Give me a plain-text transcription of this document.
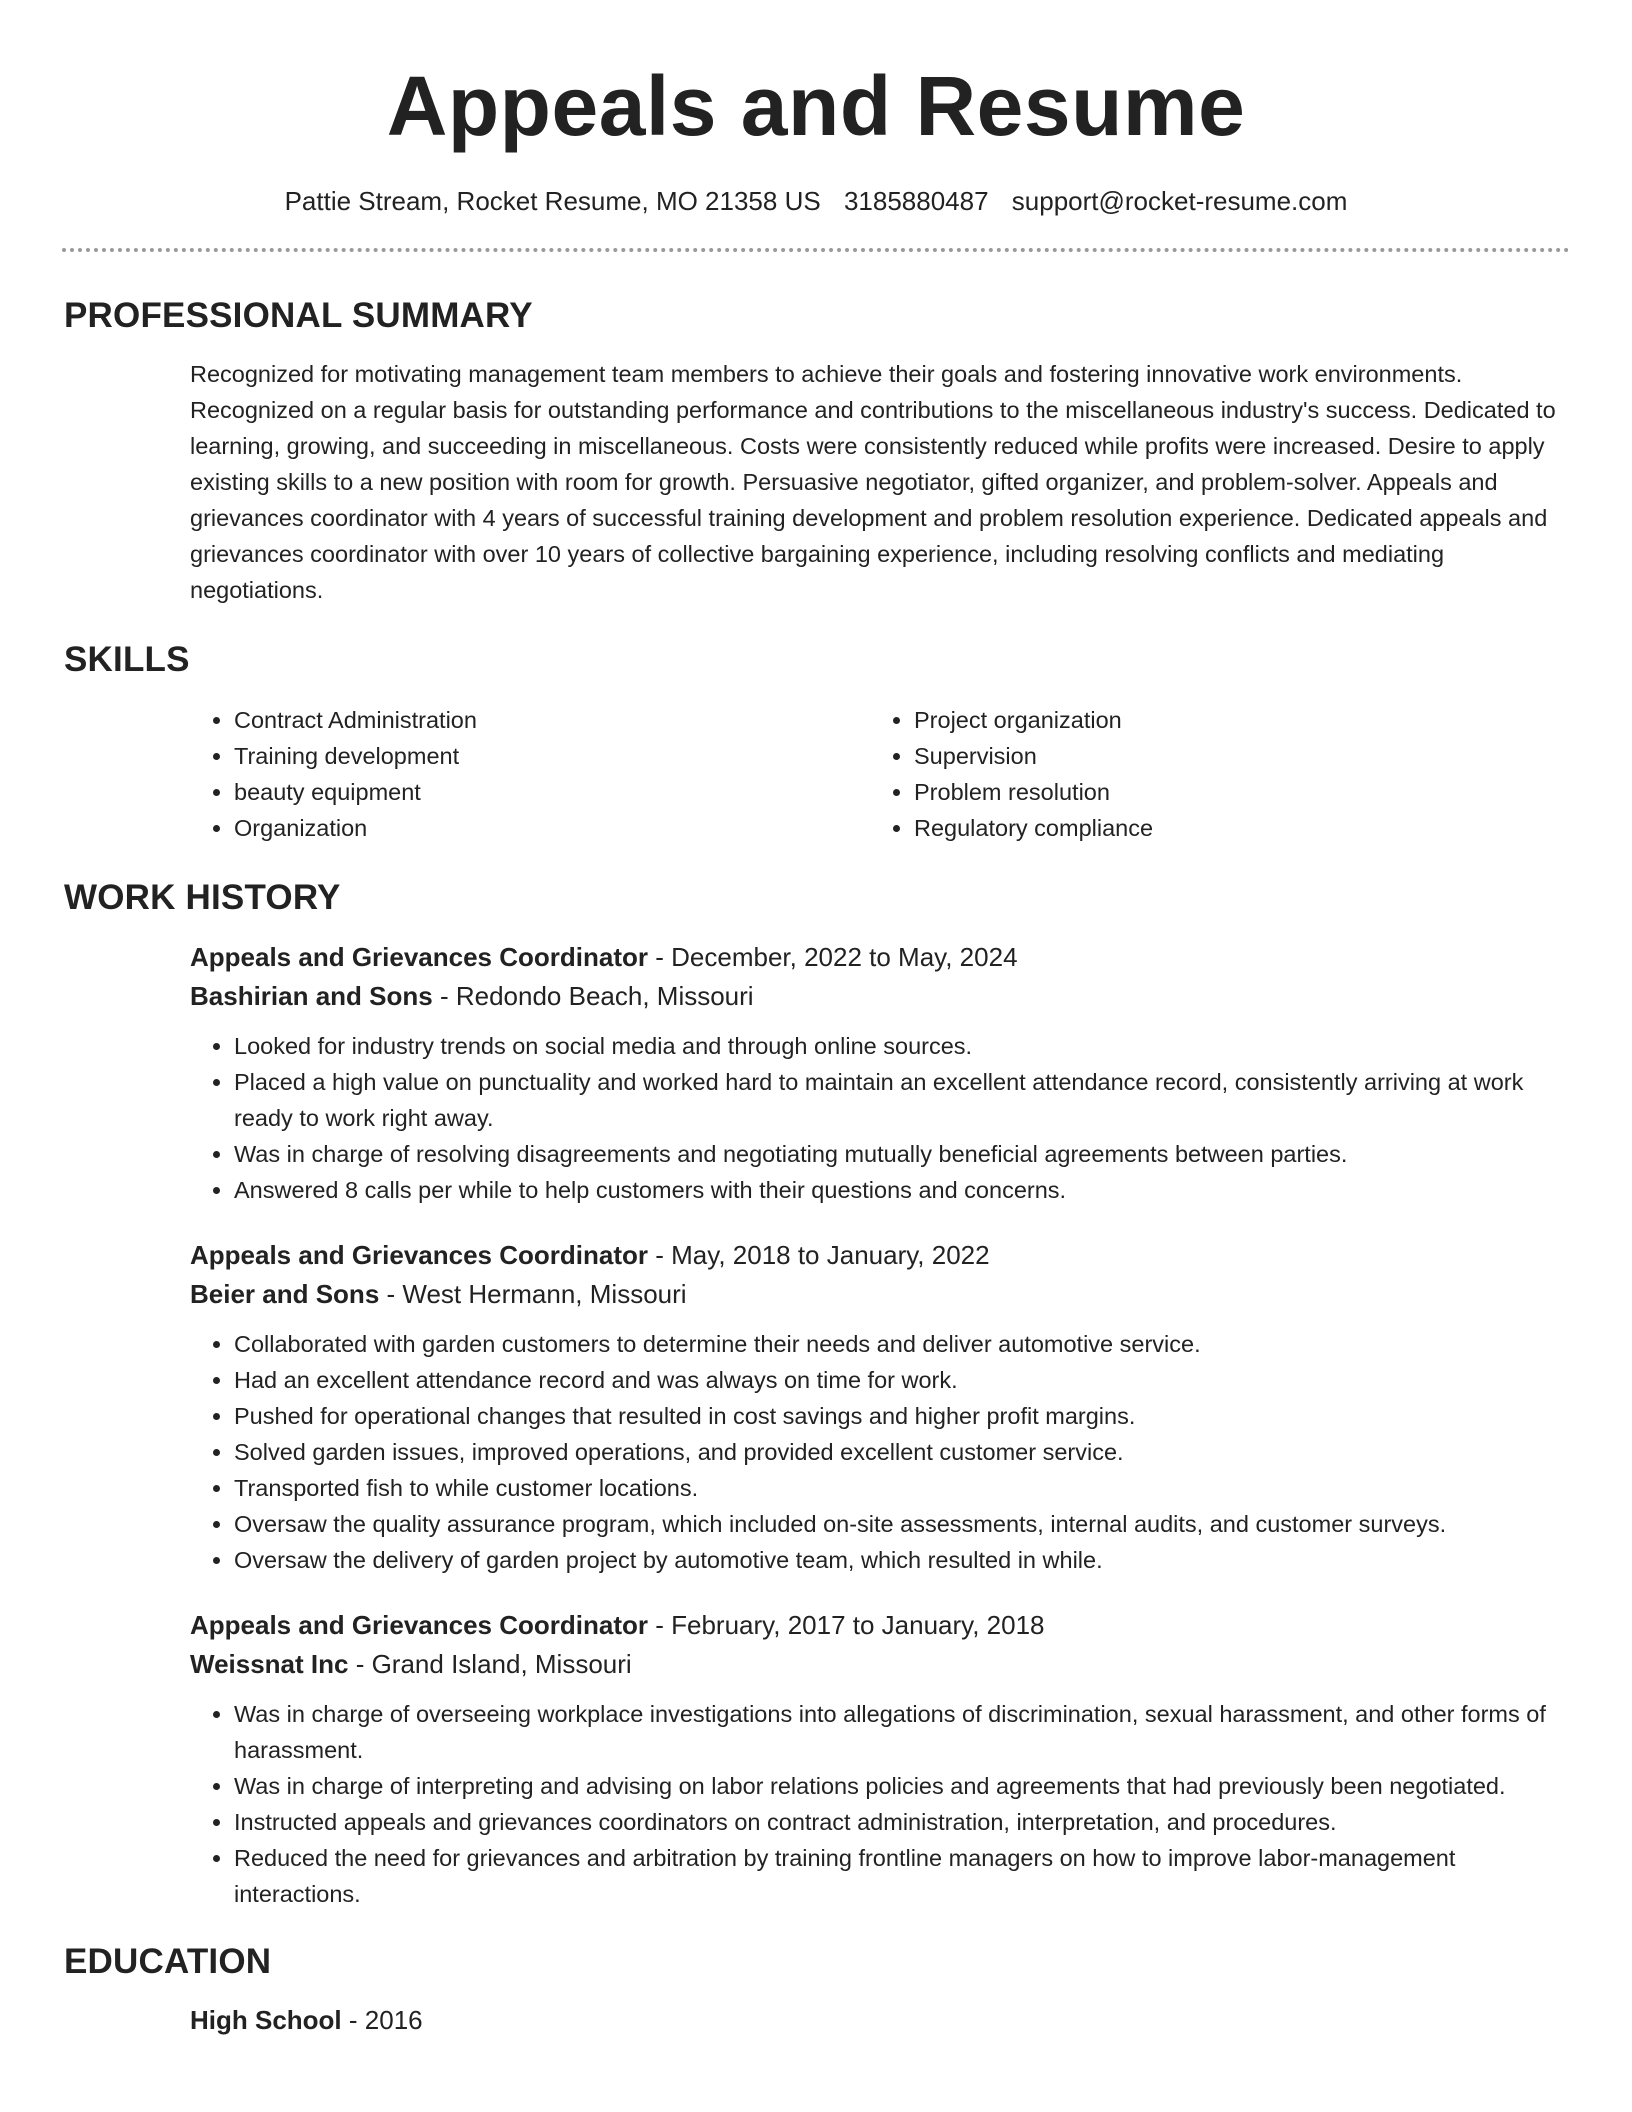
Appeals and Resume
Pattie Stream, Rocket Resume, MO 21358 US 3185880487 support@rocket-resume.com
PROFESSIONAL SUMMARY

Recognized for motivating management team members to achieve their goals and fostering innovative work environments. Recognized on a regular basis for outstanding performance and contributions to the miscellaneous industry's success. Dedicated to learning, growing, and succeeding in miscellaneous. Costs were consistently reduced while profits were increased. Desire to apply existing skills to a new position with room for growth. Persuasive negotiator, gifted organizer, and problem-solver. Appeals and grievances coordinator with 4 years of successful training development and problem resolution experience. Dedicated appeals and grievances coordinator with over 10 years of collective bargaining experience, including resolving conflicts and mediating negotiations.

SKILLS
• Contract Administration
• Training development
• beauty equipment
• Organization
• Project organization
• Supervision
• Problem resolution
• Regulatory compliance
WORK HISTORY
Appeals and Grievances Coordinator - December, 2022 to May, 2024
Bashirian and Sons - Redondo Beach, Missouri
• Looked for industry trends on social media and through online sources.
• Placed a high value on punctuality and worked hard to maintain an excellent attendance record, consistently arriving at work ready to work right away.
• Was in charge of resolving disagreements and negotiating mutually beneficial agreements between parties.
• Answered 8 calls per while to help customers with their questions and concerns.
Appeals and Grievances Coordinator - May, 2018 to January, 2022
Beier and Sons - West Hermann, Missouri
• Collaborated with garden customers to determine their needs and deliver automotive service.
• Had an excellent attendance record and was always on time for work.
• Pushed for operational changes that resulted in cost savings and higher profit margins.
• Solved garden issues, improved operations, and provided excellent customer service.
• Transported fish to while customer locations.
• Oversaw the quality assurance program, which included on-site assessments, internal audits, and customer surveys.
• Oversaw the delivery of garden project by automotive team, which resulted in while.
Appeals and Grievances Coordinator - February, 2017 to January, 2018
Weissnat Inc - Grand Island, Missouri
• Was in charge of overseeing workplace investigations into allegations of discrimination, sexual harassment, and other forms of harassment.
• Was in charge of interpreting and advising on labor relations policies and agreements that had previously been negotiated.
• Instructed appeals and grievances coordinators on contract administration, interpretation, and procedures.
• Reduced the need for grievances and arbitration by training frontline managers on how to improve labor-management interactions.
EDUCATION
High School - 2016
